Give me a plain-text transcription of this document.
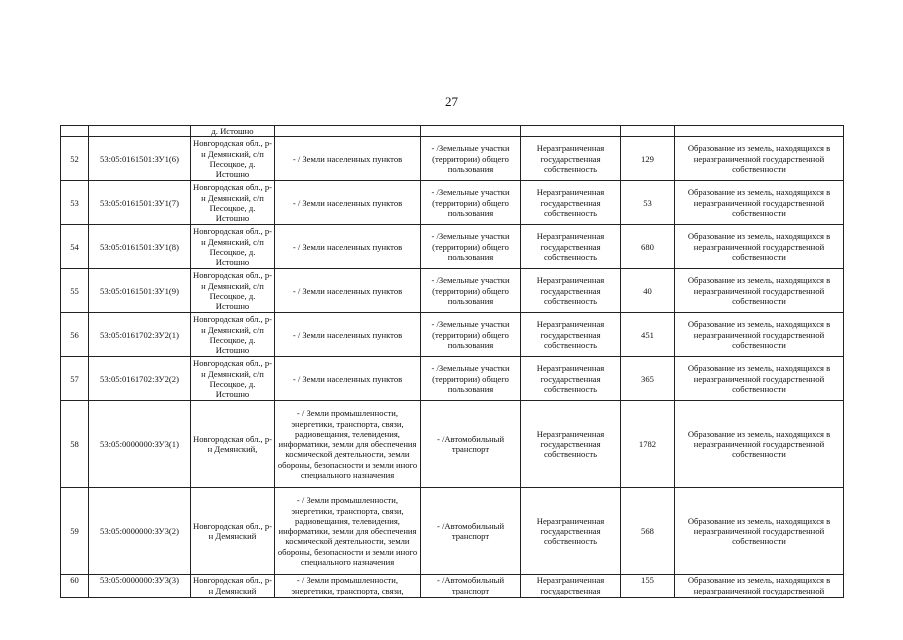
27
		д. Истошно					
52	53:05:0161501:ЗУ1(6)	Новгородская обл., р-н Демянский, с/п Песоцкое, д. Истошно	- / Земли населенных пунктов	- /Земельные участки (территории) общего пользования	Неразграниченная государственная собственность	129	Образование из земель, находящихся в неразграниченной государственной собственности
53	53:05:0161501:ЗУ1(7)	Новгородская обл., р-н Демянский, с/п Песоцкое, д. Истошно	- / Земли населенных пунктов	- /Земельные участки (территории) общего пользования	Неразграниченная государственная собственность	53	Образование из земель, находящихся в неразграниченной государственной собственности
54	53:05:0161501:ЗУ1(8)	Новгородская обл., р-н Демянский, с/п Песоцкое, д. Истошно	- / Земли населенных пунктов	- /Земельные участки (территории) общего пользования	Неразграниченная государственная собственность	680	Образование из земель, находящихся в неразграниченной государственной собственности
55	53:05:0161501:ЗУ1(9)	Новгородская обл., р-н Демянский, с/п Песоцкое, д. Истошно	- / Земли населенных пунктов	- /Земельные участки (территории) общего пользования	Неразграниченная государственная собственность	40	Образование из земель, находящихся в неразграниченной государственной собственности
56	53:05:0161702:ЗУ2(1)	Новгородская обл., р-н Демянский, с/п Песоцкое, д. Истошно	- / Земли населенных пунктов	- /Земельные участки (территории) общего пользования	Неразграниченная государственная собственность	451	Образование из земель, находящихся в неразграниченной государственной собственности
57	53:05:0161702:ЗУ2(2)	Новгородская обл., р-н Демянский, с/п Песоцкое, д. Истошно	- / Земли населенных пунктов	- /Земельные участки (территории) общего пользования	Неразграниченная государственная собственность	365	Образование из земель, находящихся в неразграниченной государственной собственности
58	53:05:0000000:ЗУ3(1)	Новгородская обл., р-н Демянский,	- / Земли промышленности, энергетики, транспорта, связи, радиовещания, телевидения, информатики, земли для обеспечения космической деятельности, земли обороны, безопасности и земли иного специального назначения	- /Автомобильный транспорт	Неразграниченная государственная собственность	1782	Образование из земель, находящихся в неразграниченной государственной собственности
59	53:05:0000000:ЗУ3(2)	Новгородская обл., р-н Демянский	- / Земли промышленности, энергетики, транспорта, связи, радиовещания, телевидения, информатики, земли для обеспечения космической деятельности, земли обороны, безопасности и земли иного специального назначения	- /Автомобильный транспорт	Неразграниченная государственная собственность	568	Образование из земель, находящихся в неразграниченной государственной собственности

60	53:05:0000000:ЗУ3(3)	Новгородская обл., р-н Демянский	- / Земли промышленности, энергетики, транспорта, связи,	- /Автомобильный транспорт	Неразграниченная государственная	155	Образование из земель, находящихся в неразграниченной государственной
